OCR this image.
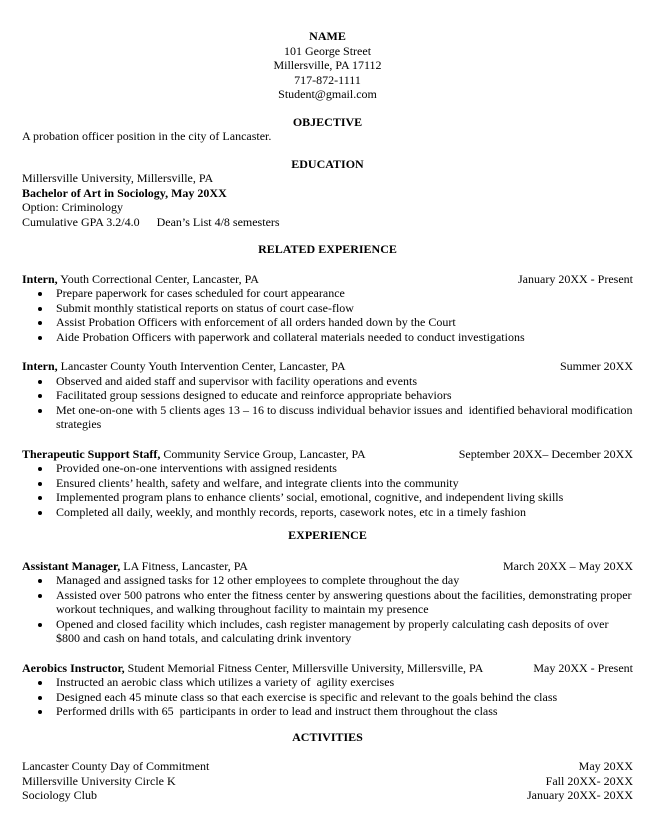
NAME
101 George Street
Millersville, PA 17112
717-872-1111
Student@gmail.com
OBJECTIVE

A probation officer position in the city of Lancaster.

EDUCATION
Millersville University, Millersville, PA
Bachelor of Art in Sociology, May 20XX
Option: Criminology
Cumulative GPA 3.2/4.0 Dean’s List 4/8 semesters
RELATED EXPERIENCE
Intern, Youth Correctional Center, Lancaster, PA	January 20XX - Present
• Prepare paperwork for cases scheduled for court appearance
• Submit monthly statistical reports on status of court case-flow
• Assist Probation Officers with enforcement of all orders handed down by the Court
• Aide Probation Officers with paperwork and collateral materials needed to conduct investigations
Intern, Lancaster County Youth Intervention Center, Lancaster, PA	Summer 20XX
• Observed and aided staff and supervisor with facility operations and events
• Facilitated group sessions designed to educate and reinforce appropriate behaviors
• Met one-on-one with 5 clients ages 13 – 16 to discuss individual behavior issues and  identified behavioral modification strategies
Therapeutic Support Staff, Community Service Group, Lancaster, PA	September 20XX– December 20XX
• Provided one-on-one interventions with assigned residents
• Ensured clients’ health, safety and welfare, and integrate clients into the community
• Implemented program plans to enhance clients’ social, emotional, cognitive, and independent living skills
• Completed all daily, weekly, and monthly records, reports, casework notes, etc in a timely fashion
EXPERIENCE
Assistant Manager, LA Fitness, Lancaster, PA	March 20XX – May 20XX
• Managed and assigned tasks for 12 other employees to complete throughout the day
• Assisted over 500 patrons who enter the fitness center by answering questions about the facilities, demonstrating proper workout techniques, and walking throughout facility to maintain my presence
• Opened and closed facility which includes, cash register management by properly calculating cash deposits of over $800 and cash on hand totals, and calculating drink inventory
Aerobics Instructor, Student Memorial Fitness Center, Millersville University, Millersville, PA	May 20XX - Present
• Instructed an aerobic class which utilizes a variety of  agility exercises
• Designed each 45 minute class so that each exercise is specific and relevant to the goals behind the class
• Performed drills with 65  participants in order to lead and instruct them throughout the class
ACTIVITIES
Lancaster County Day of Commitment	May 20XX
Millersville University Circle K	Fall 20XX- 20XX
Sociology Club	January 20XX- 20XX
